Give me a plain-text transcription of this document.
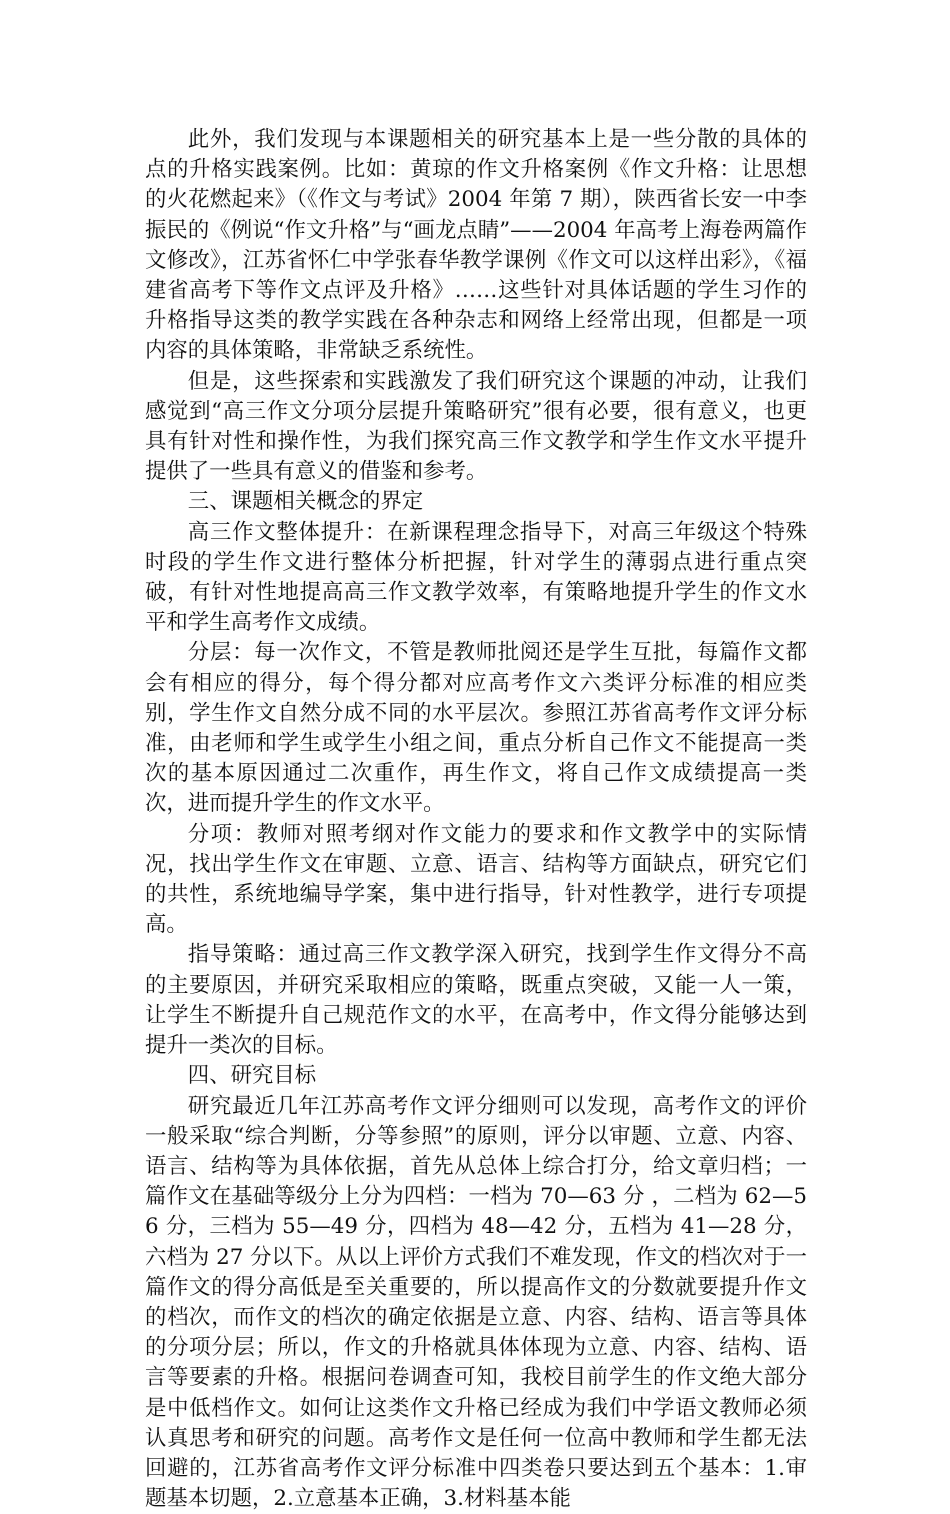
此外，我们发现与本课题相关的研究基本上是一些分散的具体的点的升格实践案例。比如：黄琼的作文升格案例《作文升格：让思想的火花燃起来》（《作文与考试》2004 年第 7 期），陕西省长安一中李振民的《例说“作文升格”与“画龙点睛”——2004 年高考上海卷两篇作文修改》，江苏省怀仁中学张春华教学课例《作文可以这样出彩》，《福建省高考下等作文点评及升格》……这些针对具体话题的学生习作的升格指导这类的教学实践在各种杂志和网络上经常出现，但都是一项内容的具体策略，非常缺乏系统性。

但是，这些探索和实践激发了我们研究这个课题的冲动，让我们感觉到“高三作文分项分层提升策略研究”很有必要，很有意义，也更具有针对性和操作性，为我们探究高三作文教学和学生作文水平提升提供了一些具有意义的借鉴和参考。

三、课题相关概念的界定

高三作文整体提升：在新课程理念指导下，对高三年级这个特殊时段的学生作文进行整体分析把握，针对学生的薄弱点进行重点突破，有针对性地提高高三作文教学效率，有策略地提升学生的作文水平和学生高考作文成绩。

分层：每一次作文，不管是教师批阅还是学生互批，每篇作文都会有相应的得分，每个得分都对应高考作文六类评分标准的相应类别，学生作文自然分成不同的水平层次。参照江苏省高考作文评分标准，由老师和学生或学生小组之间，重点分析自己作文不能提高一类次的基本原因通过二次重作，再生作文，将自己作文成绩提高一类次，进而提升学生的作文水平。

分项：教师对照考纲对作文能力的要求和作文教学中的实际情况，找出学生作文在审题、立意、语言、结构等方面缺点，研究它们的共性，系统地编导学案，集中进行指导，针对性教学，进行专项提高。

指导策略：通过高三作文教学深入研究，找到学生作文得分不高的主要原因，并研究采取相应的策略，既重点突破，又能一人一策，让学生不断提升自己规范作文的水平，在高考中，作文得分能够达到提升一类次的目标。

四、研究目标

研究最近几年江苏高考作文评分细则可以发现，高考作文的评价一般采取“综合判断，分等参照”的原则，评分以审题、立意、内容、语言、结构等为具体依据，首先从总体上综合打分，给文章归档；一篇作文在基础等级分上分为四档：一档为 70—63 分 ，二档为 62—56 分，三档为 55—49 分，四档为 48—42 分，五档为 41—28 分，六档为 27 分以下。从以上评价方式我们不难发现，作文的档次对于一篇作文的得分高低是至关重要的，所以提高作文的分数就要提升作文的档次，而作文的档次的确定依据是立意、内容、结构、语言等具体的分项分层；所以，作文的升格就具体体现为立意、内容、结构、语言等要素的升格。根据问卷调查可知，我校目前学生的作文绝大部分是中低档作文。如何让这类作文升格已经成为我们中学语文教师必须认真思考和研究的问题。高考作文是任何一位高中教师和学生都无法回避的，江苏省高考作文评分标准中四类卷只要达到五个基本：1.审题基本切题，2.立意基本正确，3.材料基本能
